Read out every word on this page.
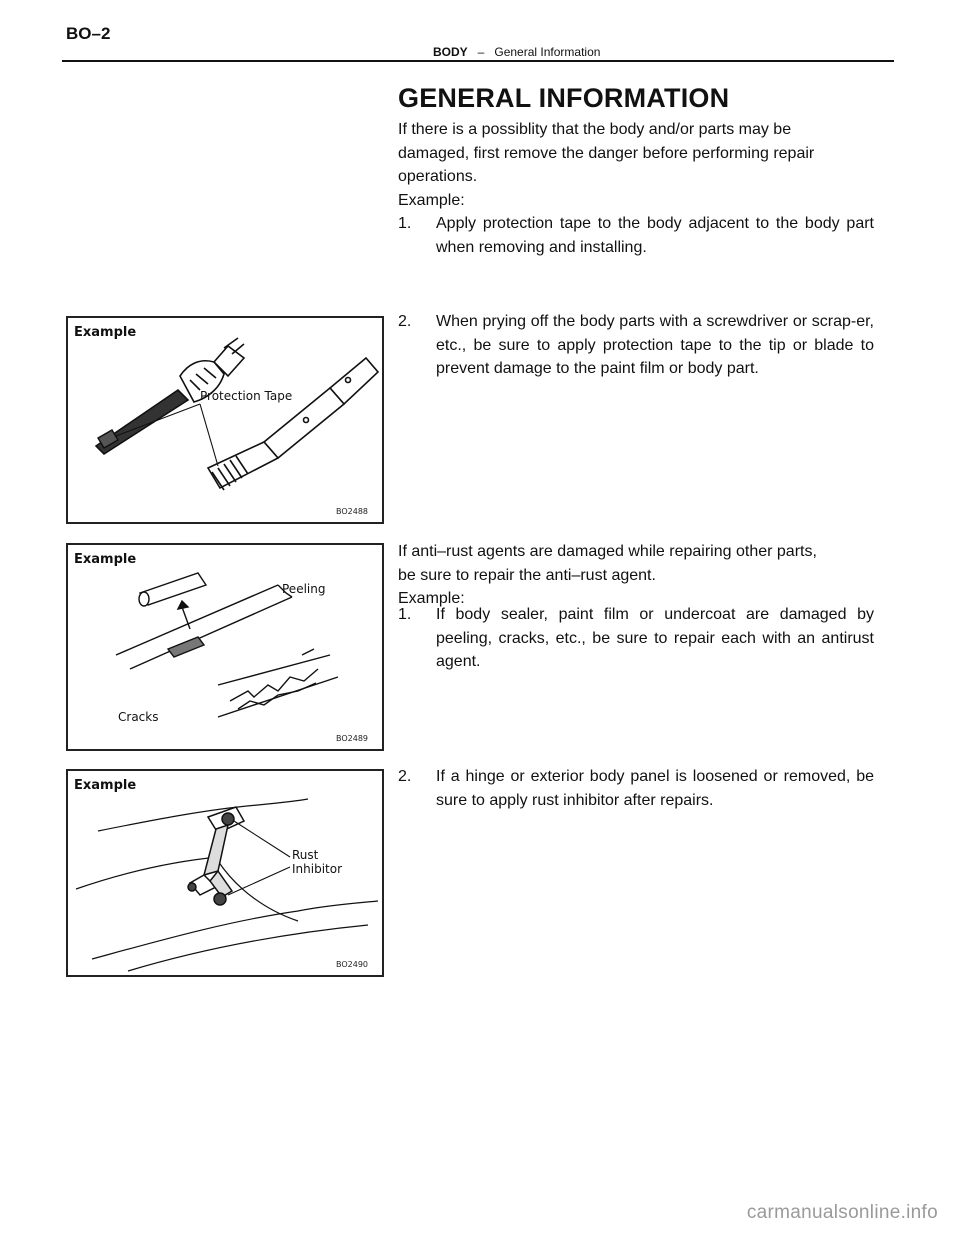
BO–2
BODY – General Information
GENERAL INFORMATION
If there is a possiblity that the body and/or parts may be
damaged, first remove the danger before performing repair
operations.
Example:
1.	Apply protection tape to the body adjacent to the body part when removing and installing.
2.	When prying off the body parts with a screwdriver or scrap-er, etc., be sure to apply protection tape to the tip or blade to prevent damage to the paint film or body part.
If anti–rust agents are damaged while repairing other parts,
be sure to repair the anti–rust agent.
Example:
1.	If body sealer, paint film or undercoat are damaged by peeling, cracks, etc., be sure to repair each with an antirust agent.
2.	If a hinge or exterior body panel is loosened or removed, be sure to apply rust inhibitor after repairs.
Example
Protection Tape
BO2488
Example
Peeling
Cracks
BO2489
Example
Rust
Inhibitor
BO2490
carmanualsonline.info
